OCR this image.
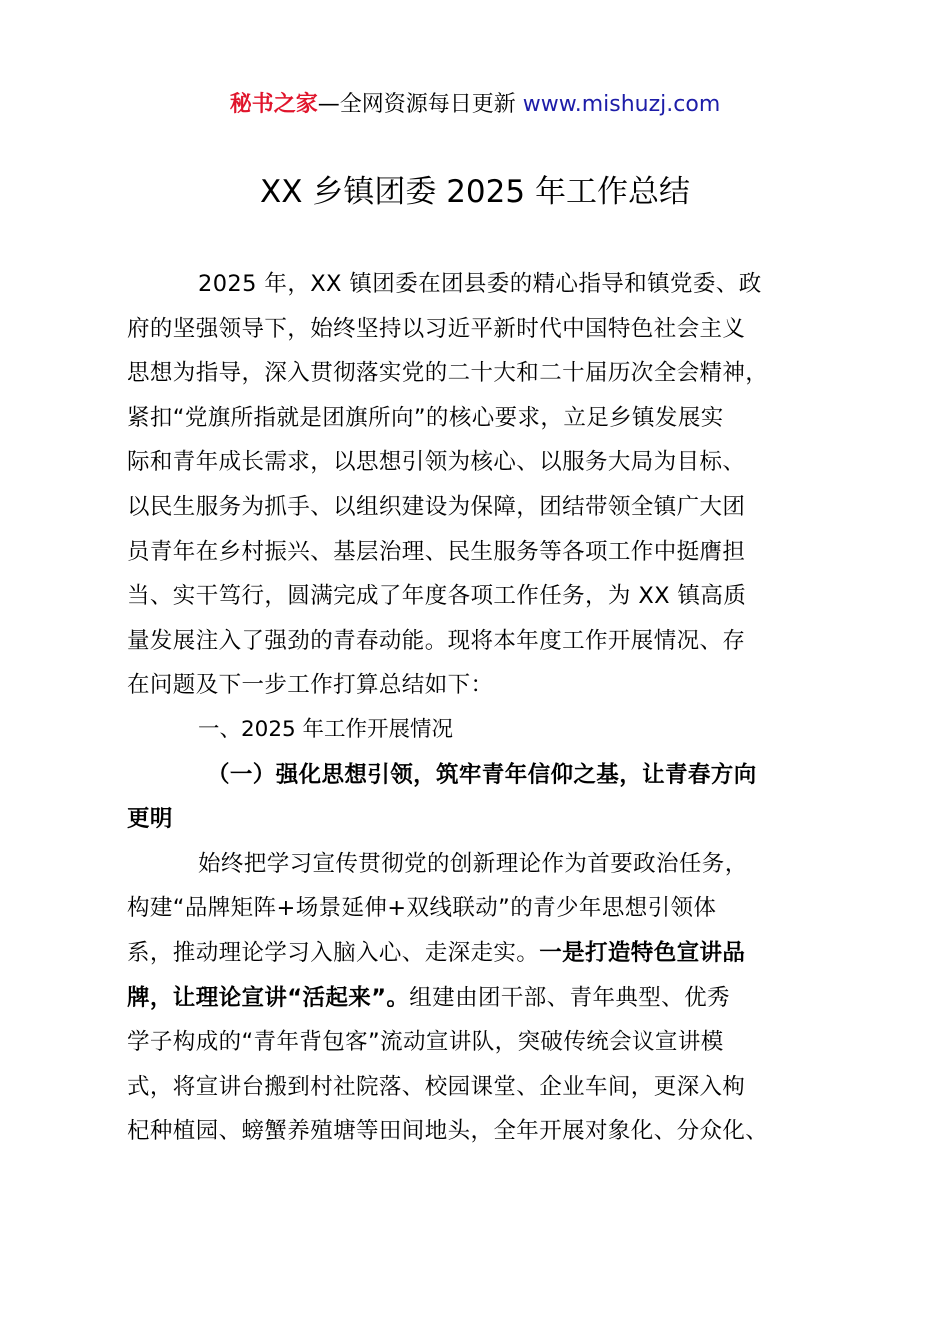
秘书之家—全网资源每日更新 www.mishuzj.com
XX 乡镇团委 2025 年工作总结
2025 年，XX 镇团委在团县委的精心指导和镇党委、政
府的坚强领导下，始终坚持以习近平新时代中国特色社会主义
思想为指导，深入贯彻落实党的二十大和二十届历次全会精神，
紧扣“党旗所指就是团旗所向”的核心要求，立足乡镇发展实
际和青年成长需求，以思想引领为核心、以服务大局为目标、
以民生服务为抓手、以组织建设为保障，团结带领全镇广大团
员青年在乡村振兴、基层治理、民生服务等各项工作中挺膺担
当、实干笃行，圆满完成了年度各项工作任务，为 XX 镇高质
量发展注入了强劲的青春动能。现将本年度工作开展情况、存
在问题及下一步工作打算总结如下：
一、2025 年工作开展情况
（一）强化思想引领，筑牢青年信仰之基，让青春方向
更明
始终把学习宣传贯彻党的创新理论作为首要政治任务，
构建“品牌矩阵+场景延伸+双线联动”的青少年思想引领体
系，推动理论学习入脑入心、走深走实。一是打造特色宣讲品
牌，让理论宣讲“活起来”。组建由团干部、青年典型、优秀
学子构成的“青年背包客”流动宣讲队，突破传统会议宣讲模
式，将宣讲台搬到村社院落、校园课堂、企业车间，更深入枸
杞种植园、螃蟹养殖塘等田间地头，全年开展对象化、分众化、
